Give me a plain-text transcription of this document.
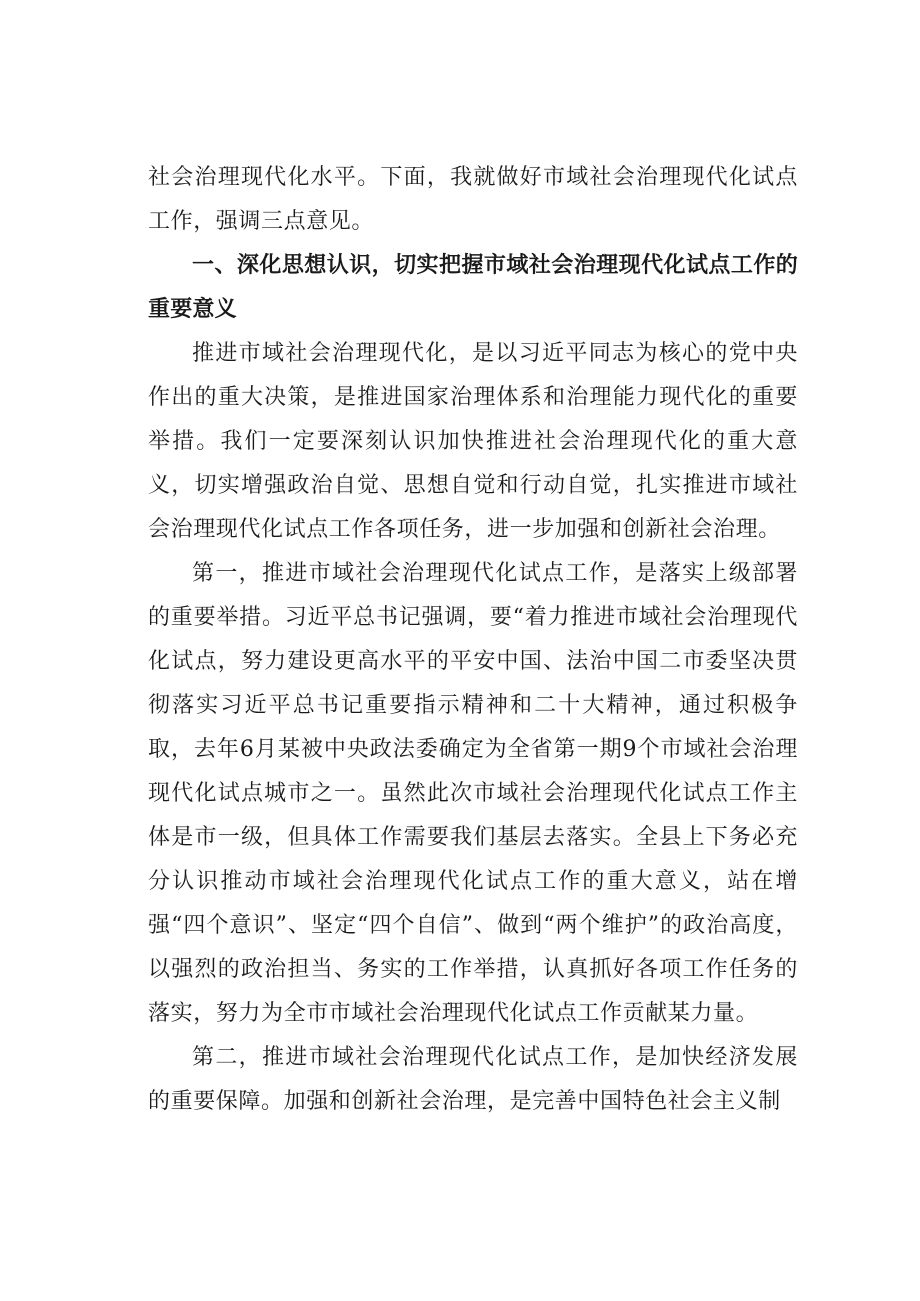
社会治理现代化水平。下面，我就做好市域社会治理现代化试点工作，强调三点意见。

一、深化思想认识，切实把握市域社会治理现代化试点工作的重要意义

推进市域社会治理现代化，是以习近平同志为核心的党中央作出的重大决策，是推进国家治理体系和治理能力现代化的重要举措。我们一定要深刻认识加快推进社会治理现代化的重大意义，切实增强政治自觉、思想自觉和行动自觉，扎实推进市域社会治理现代化试点工作各项任务，进一步加强和创新社会治理。

第一，推进市域社会治理现代化试点工作，是落实上级部署的重要举措。习近平总书记强调，要“着力推进市域社会治理现代化试点，努力建设更高水平的平安中国、法治中国二市委坚决贯彻落实习近平总书记重要指示精神和二十大精神，通过积极争取，去年6月某被中央政法委确定为全省第一期9个市域社会治理现代化试点城市之一。虽然此次市域社会治理现代化试点工作主体是市一级，但具体工作需要我们基层去落实。全县上下务必充分认识推动市域社会治理现代化试点工作的重大意义，站在增强“四个意识”、坚定“四个自信”、做到“两个维护”的政治高度，以强烈的政治担当、务实的工作举措，认真抓好各项工作任务的落实，努力为全市市域社会治理现代化试点工作贡献某力量。

第二，推进市域社会治理现代化试点工作，是加快经济发展的重要保障。加强和创新社会治理，是完善中国特色社会主义制
